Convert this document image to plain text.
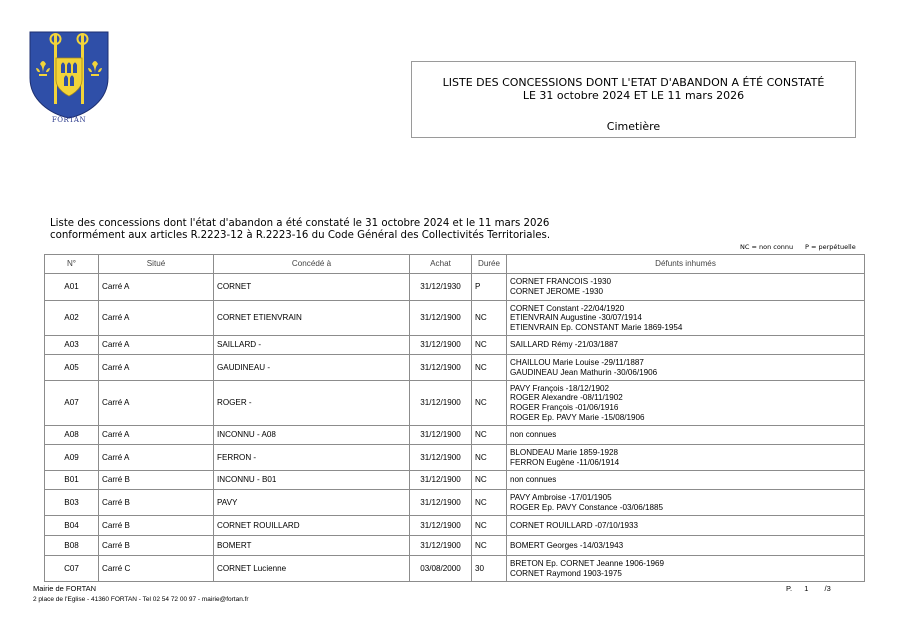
FORTAN
LISTE DES CONCESSIONS DONT L'ETAT D'ABANDON A ÉTÉ CONSTATÉ
LE 31 octobre 2024 ET LE 11 mars 2026
Cimetière
Liste des concessions dont l'état d'abandon a été constaté le 31 octobre 2024 et le 11 mars 2026
conformément aux articles R.2223-12 à R.2223-16 du Code Général des Collectivités Territoriales.
NC = non connu P = perpétuelle
N°	Situé	Concédé à	Achat	Durée	Défunts inhumés
A01	Carré A	CORNET	31/12/1930	P	CORNET FRANCOIS -1930
CORNET JEROME -1930

A02	Carré A	CORNET ETIENVRAIN	31/12/1900	NC	CORNET Constant -22/04/1920
ETIENVRAIN Augustine -30/07/1914
ETIENVRAIN Ep. CONSTANT Marie 1869-1954

A03	Carré A	SAILLARD -	31/12/1900	NC	SAILLARD Rémy -21/03/1887

A05	Carré A	GAUDINEAU -	31/12/1900	NC	CHAILLOU Marie Louise -29/11/1887
GAUDINEAU Jean Mathurin -30/06/1906

A07	Carré A	ROGER -	31/12/1900	NC	PAVY François -18/12/1902
ROGER Alexandre -08/11/1902
ROGER François -01/06/1916
ROGER Ep. PAVY Marie -15/08/1906

A08	Carré A	INCONNU - A08	31/12/1900	NC	non connues

A09	Carré A	FERRON -	31/12/1900	NC	BLONDEAU Marie 1859-1928
FERRON Eugène -11/06/1914

B01	Carré B	INCONNU - B01	31/12/1900	NC	non connues

B03	Carré B	PAVY	31/12/1900	NC	PAVY Ambroise -17/01/1905
ROGER Ep. PAVY Constance -03/06/1885

B04	Carré B	CORNET ROUILLARD	31/12/1900	NC	CORNET ROUILLARD -07/10/1933

B08	Carré B	BOMERT	31/12/1900	NC	BOMERT Georges -14/03/1943

C07	Carré C	CORNET Lucienne	03/08/2000	30	BRETON Ep. CORNET Jeanne 1906-1969
CORNET Raymond 1903-1975
Mairie de FORTAN
2 place de l'Eglise - 41360 FORTAN - Tel 02 54 72 00 97 - mairie@fortan.fr
P. 1 /3
